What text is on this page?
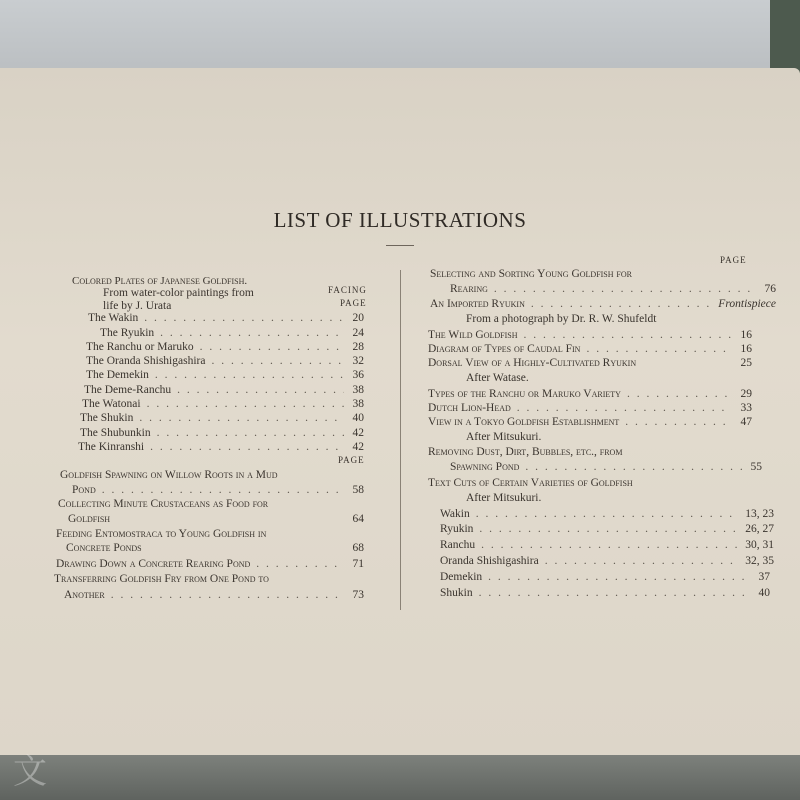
文
LIST OF ILLUSTRATIONS
Colored Plates of Japanese Goldfish.
From water-color paintings from
life by J. Urata
FACING
PAGE
The Wakin . . .	20
The Ryukin . . .	24
The Ranchu or Maruko . . .	28
The Oranda Shishigashira . . .	32
The Demekin . . .	36
The Deme-Ranchu . . .	38
The Watonai . . .	38
The Shukin . . .	40
The Shubunkin . . .	42
The Kinranshi . . .	42
PAGE
Goldfish Spawning on Willow Roots in a Mud
Pond . . .	58
Collecting Minute Crustaceans as Food for
Goldfish	64
Feeding Entomostraca to Young Goldfish in
Concrete Ponds	68
Drawing Down a Concrete Rearing Pond . . .	71
Transferring Goldfish Fry from One Pond to
Another . . .	73
PAGE
Selecting and Sorting Young Goldfish for
Rearing . . .	76
An Imported Ryukin . . .	Frontispiece
From a photograph by Dr. R. W. Shufeldt
The Wild Goldfish . . .	16
Diagram of Types of Caudal Fin . . .	16
Dorsal View of a Highly-Cultivated Ryukin	25
After Watase.
Types of the Ranchu or Maruko Variety . . .	29
Dutch Lion-Head . . .	33
View in a Tokyo Goldfish Establishment . . .	47
After Mitsukuri.
Removing Dust, Dirt, Bubbles, etc., from
Spawning Pond . . .	55
Text Cuts of Certain Varieties of Goldfish
After Mitsukuri.
Wakin . . .	13, 23
Ryukin . . .	26, 27
Ranchu . . .	30, 31
Oranda Shishigashira . . .	32, 35
Demekin . . .	37
Shukin . . .	40
